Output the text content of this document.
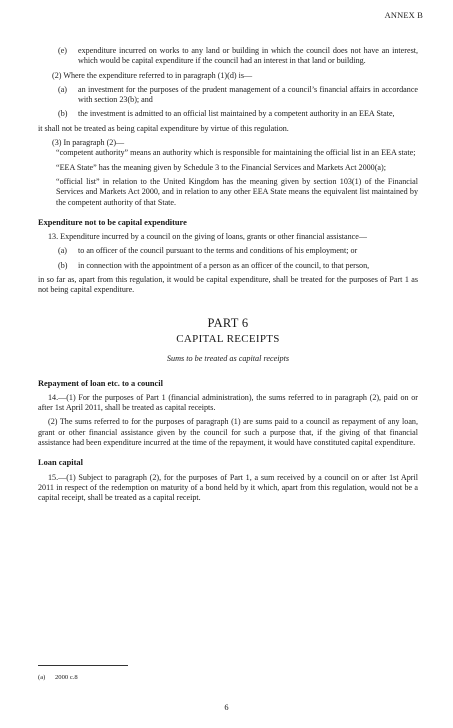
ANNEX B
(e)	expenditure incurred on works to any land or building in which the council does not have an interest, which would be capital expenditure if the council had an interest in that land or building.
(2) Where the expenditure referred to in paragraph (1)(d) is—
(a)	an investment for the purposes of the prudent management of a council’s financial affairs in accordance with section 23(b); and
(b)	the investment is admitted to an official list maintained by a competent authority in an EEA State,
it shall not be treated as being capital expenditure by virtue of this regulation.
(3) In paragraph (2)—
“competent authority” means an authority which is responsible for maintaining the official list in an EEA state;
“EEA State” has the meaning given by Schedule 3 to the Financial Services and Markets Act 2000(a);
“official list” in relation to the United Kingdom has the meaning given by section 103(1) of the Financial Services and Markets Act 2000, and in relation to any other EEA State means the equivalent list maintained by the competent authority of that State.
Expenditure not to be capital expenditure
13. Expenditure incurred by a council on the giving of loans, grants or other financial assistance—
(a)	to an officer of the council pursuant to the terms and conditions of his employment; or
(b)	in connection with the appointment of a person as an officer of the council, to that person,
in so far as, apart from this regulation, it would be capital expenditure, shall be treated for the purposes of Part 1 as not being capital expenditure.
PART 6
CAPITAL RECEIPTS
Sums to be treated as capital receipts
Repayment of loan etc. to a council
14.—(1) For the purposes of Part 1 (financial administration), the sums referred to in paragraph (2), paid on or after 1st April 2011, shall be treated as capital receipts.
(2) The sums referred to for the purposes of paragraph (1) are sums paid to a council as repayment of any loan, grant or other financial assistance given by the council for such a purpose that, if the giving of that financial assistance had been expenditure incurred at the time of the repayment, it would have constituted capital expenditure.
Loan capital
15.—(1) Subject to paragraph (2), for the purposes of Part 1, a sum received by a council on or after 1st April 2011 in respect of the redemption on maturity of a bond held by it which, apart from this regulation, would not be a capital receipt, shall be treated as a capital receipt.
(a)	2000 c.8
6
